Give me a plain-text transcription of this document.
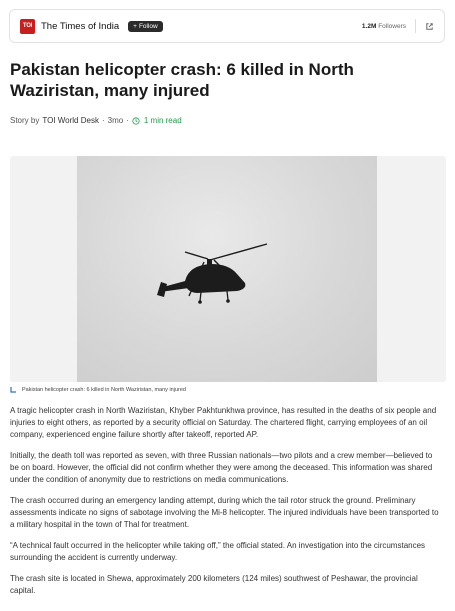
TOI The Times of India + Follow	1.2M Followers
Pakistan helicopter crash: 6 killed in North Waziristan, many injured
Story by TOI World Desk · 3mo · 1 min read
Pakistan helicopter crash: 6 killed in North Waziristan, many injured

A tragic helicopter crash in North Waziristan, Khyber Pakhtunkhwa province, has resulted in the deaths of six people and injuries to eight others, as reported by a security official on Saturday. The chartered flight, carrying employees of an oil company, experienced engine failure shortly after takeoff, reported AP.

Initially, the death toll was reported as seven, with three Russian nationals—two pilots and a crew member—believed to be on board. However, the official did not confirm whether they were among the deceased. This information was shared under the condition of anonymity due to restrictions on media communications.

The crash occurred during an emergency landing attempt, during which the tail rotor struck the ground. Preliminary assessments indicate no signs of sabotage involving the Mi-8 helicopter. The injured individuals have been transported to a military hospital in the town of Thal for treatment.

“A technical fault occurred in the helicopter while taking off,” the official stated. An investigation into the circumstances surrounding the accident is currently underway.

The crash site is located in Shewa, approximately 200 kilometers (124 miles) southwest of Peshawar, the provincial capital.
